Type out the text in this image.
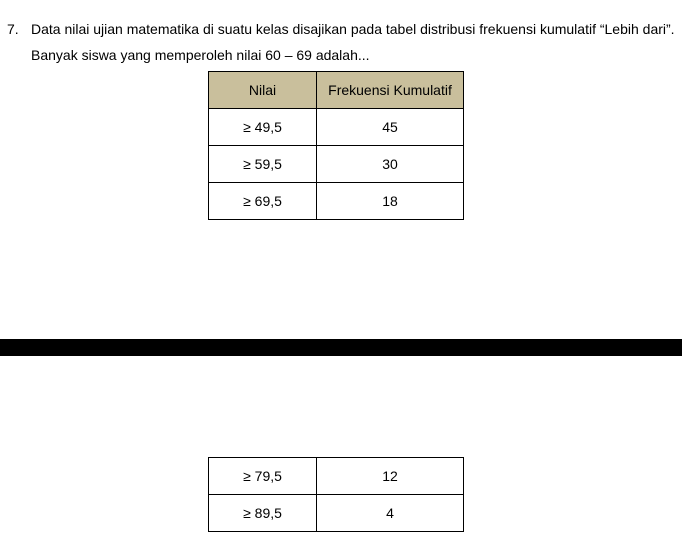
7. Data nilai ujian matematika di suatu kelas disajikan pada tabel distribusi frekuensi kumulatif “Lebih dari”.
Banyak siswa yang memperoleh nilai 60 – 69 adalah...
Nilai	Frekuensi Kumulatif
≥ 49,5	45
≥ 59,5	30
≥ 69,5	18
≥ 79,5	12
≥ 89,5	4
